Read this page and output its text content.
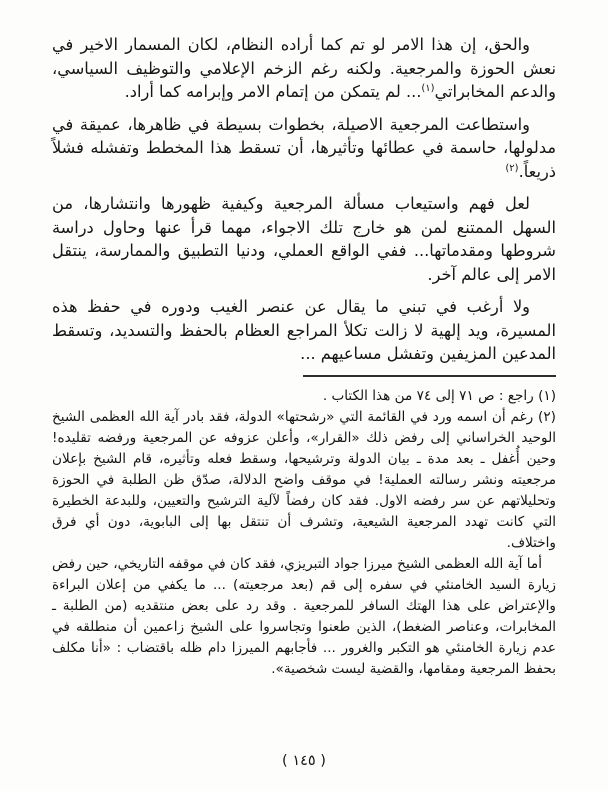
والحق، إن هذا الامر لو تم كما أراده النظام، لكان المسمار الاخير في نعش الحوزة والمرجعية. ولكنه رغم الزخم الإعلامي والتوظيف السياسي، والدعم المخابراتي$^{(١)}$... لم يتمكن من إتمام الامر وإبرامه كما أراد.

واستطاعت المرجعية الاصيلة، بخطوات بسيطة في ظاهرها، عميقة في مدلولها، حاسمة في عطائها وتأثيرها، أن تسقط هذا المخطط وتفشله فشلاً ذريعاً.$^{(٢)}$

لعل فهم واستيعاب مسألة المرجعية وكيفية ظهورها وانتشارها، من السهل الممتنع لمن هو خارج تلك الاجواء، مهما قرأ عنها وحاول دراسة شروطها ومقدماتها... ففي الواقع العملي، ودنيا التطبيق والممارسة، ينتقل الامر إلى عالم آخر.

ولا أرغب في تبني ما يقال عن عنصر الغيب ودوره في حفظ هذه المسيرة، ويد إلهية لا زالت تكلأ المراجع العظام بالحفظ والتسديد، وتسقط المدعين المزيفين وتفشل مساعيهم ...

(١) راجع : ص ٧١ إلى ٧٤ من هذا الكتاب .

(٢) رغم أن اسمه ورد في القائمة التي «رشحتها» الدولة، فقد بادر آية الله العظمى الشيخ الوحيد الخراساني إلى رفض ذلك «القرار»، وأعلن عزوفه عن المرجعية ورفضه تقليده! وحين أُغفل ـ بعد مدة ـ بيان الدولة وترشيحها، وسقط فعله وتأثيره، قام الشيخ بإعلان مرجعيته ونشر رسالته العملية! في موقف واضح الدلالة، صدّق ظن الطلبة في الحوزة وتحليلاتهم عن سر رفضه الاول. فقد كان رفضاً لآلية الترشيح والتعيين، وللبدعة الخطيرة التي كانت تهدد المرجعية الشيعية، وتشرف أن تنتقل بها إلى البابوية، دون أي فرق واختلاف.

أما آية الله العظمى الشيخ ميرزا جواد التبريزي، فقد كان في موقفه التاريخي، حين رفض زيارة السيد الخامنئي في سفره إلى قم (بعد مرجعيته) ... ما يكفي من إعلان البراءة والإعتراض على هذا الهتك السافر للمرجعية . وقد رد على بعض منتقديه (من الطلبة ـ المخابرات، وعناصر الضغط)، الذين طعنوا وتجاسروا على الشيخ زاعمين أن منطلقه في عدم زيارة الخامنئي هو التكبر والغرور ... فأجابهم الميرزا دام ظله باقتضاب : «أنا مكلف بحفظ المرجعية ومقامها، والقضية ليست شخصية».

( ١٤٥ )
